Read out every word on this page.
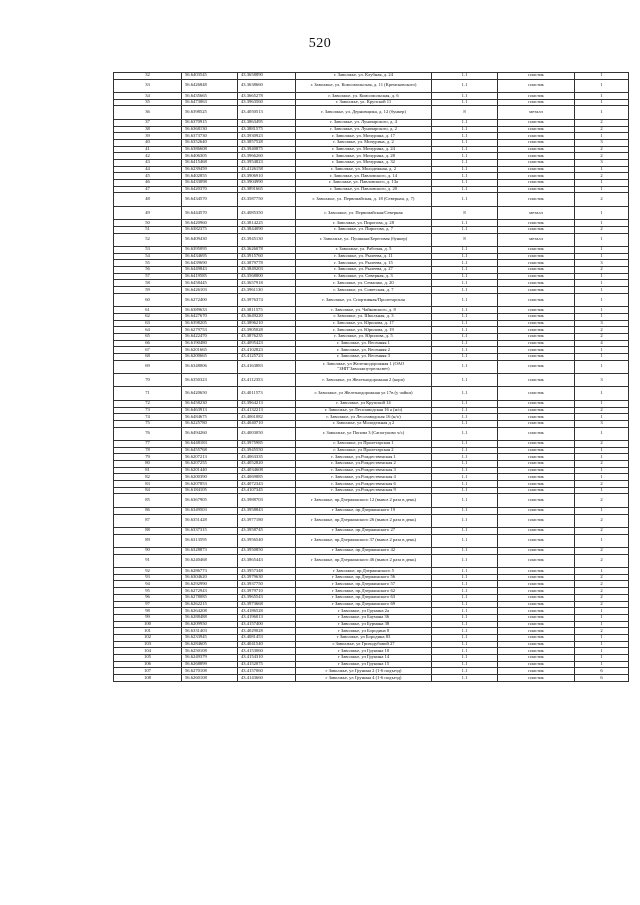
520
32	56.6403545	43.3658890	г. Заволжье, ул. Клубная, д. 24	1.1	пластик	1
33	56.6426848	43.3638660	г. Заволжье, ул. Комсомольская, д. 11 (Кремсковского)	1.1	пластик	1
34	56.6435665	43.3665278	г. Заволжье, ул. Комсомольская, д. 6	1.1	пластик	1
35	56.6473063	43.3963560	г. Заволжье, ул. Крупской 11	1.1	пластик	1
36	56.6398525	43.4050513	г. Заволжье, ул. Дерновщика, д. 12 (бункер)	8	металл	1
37	56.6370915	43.3863495	г. Заволжье, ул. Луначарского, д. 4	1.1	пластик	2
38	56.6368130	43.3881575	г. Заволжье, ул. Луначарского, д. 2	1.1	пластик	2
39	56.6373730	43.3930923	г. Заволжье, ул. Мичурина, д. 17	1.1	пластик	1
40	56.6352640	43.3857528	г. Заволжье, ул. Мичурина, д. 2	1.1	пластик	3
41	56.6386608	43.3940875	г. Заволжье, ул. Мичурина, д. 24	1.1	пластик	2
42	56.6406305	43.3966260	г. Заволжье, ул. Мичурина, д. 28	1.1	пластик	2
43	56.6415468	43.3954823	г. Заволжье, ул. Мичурина, д. 32	1.1	пластик	3
44	56.6239459	43.4126158	г. Заволжье, ул. Молодежная, д. 2	1.1	пластик	1
45	56.6402855	43.3906910	г. Заволжье, ул. Павловского, д. 14	1.1	пластик	2
46	56.6433098	43.3904990	г. Заволжье, ул. Павловского, д. 13а	1.1	пластик	1
47	56.6420370	43.3891665	г. Заволжье, ул. Павловского, д. 20	1.1	пластик	1
48	56.6434570	43.3587750	г. Заволжье, ул. Первомайская, д. 18 (Северная, д. 7)	1.1	пластик	2
49	56.6444570	43.4085350	г. Заволжье, ул. Первомайская/Северная	8	металл	1
50	56.6420960	43.3814225	г. Заволжье, ул. Пирогова, д. 28	1.1	пластик	1
51	56.6382375	43.3844090	г. Заволжье, ул. Пирогова, д. 7	1.1	пластик	2
52	56.6409430	43.3945130	г. Заволжье, ул. Пушкина/Береговая (бункер)	8	металл	1
53	56.6395095	43.3626078	г. Заволжье, ул. Рабочая, д. 5	1.1	пластик	1
54	56.6434695	43.3915760	г. Заволжье, ул. Рылеева, д. 11	1.1	пластик	1
55	56.6439690	43.3879778	г. Заволжье, ул. Рылеева, д. 15	1.1	пластик	3
56	56.6449843	43.3849203	г. Заволжье, ул. Рылеева, д. 27	1.1	пластик	2
57	56.6419585	43.3568800	г. Заволжье, ул. Северная, д. 3	1.1	пластик	1
58	56.6458445	43.3657918	г. Заволжье, ул. Семашко, д. 20	1.1	пластик	1
59	56.6426103	43.3961130	г. Заволжье, ул. Советская, д. 7	1.1	пластик	1
60	56.6272400	43.3976374	г. Заволжье, ул. Спортивная/Пролетарская	1.1	пластик	1
61	56.6389633	43.3811575	г. Заволжье, ул. Чайковского, д. 8	1.1	пластик	1
62	56.6427670	43.3649220	г. Заволжье, ул. Школьная, д. 3	1.1	пластик	1
63	56.6398205	43.3896210	г. Заволжье, ул. Юрилова, д. 17	1.1	пластик	3
64	56.6279753	43.3905028	г. Заволжье, ул. Юрилова, д. 19	1.1	пластик	2
65	56.6422470	43.3876235	г. Заволжье, ул. Юрилова, д. 5	1.1	пластик	2
66	56.6190480	43.4095423	г. Заволжье, ул. Весенняя 1	1.1	пластик	4
67	56.6201665	43.4102823	г. Заволжье, ул. Весенняя 2	1.1	пластик	1
68	56.6200665	43.4125723	г. Заволжье, ул. Весенняя 3	1.1	пластик	1
69	56.6348006	43.4163883	г. Заволжье, ул Железнодорожная 1 (ОАО "ЗНП"Заволжпутрельсвет)	1.1	пластик	1
70	56.6350323	43.4112353	г. Заволжье, ул Железнодорожная 2 (корп)	1.1	пластик	3
71	56.6420650	43.4011573	г. Заволжье, ул Железнодорожная ул 17в (у чайки)	1.1	пластик	1
72	56.6458230	43.3964213	г. Заволжье, ул Крупской 14	1.1	пластик	1
73	56.6463913	43.4132213	г. Заволжье, ул Лесозаводская 16 а (н/о)	1.1	пластик	2
74	56.6484675	43.4061082	г. Заволжье, ул Лесозаводская 16 (н/о)	1.1	пластик	1
75	56.6225780	43.4040710	г. Заволжье, ул Молодежная д 2	1.1	пластик	3
76	56.6494260	43.4003050	г. Заволжье, ул Попова 3 (Сапогуково ч/с)	1.1	пластик	1
77	56.6448183	43.3975985	г. Заволжье, ул Пролетарская 1	1.1	пластик	2
78	56.6455768	43.3945550	г. Заволжье, ул Пролетарская 2	1.1	пластик	1
79	56.6207213	43.4063335	г. Заволжье, ул.Рождественская 1	1.1	пластик	1
80	56.6207255	43.4052820	г. Заволжье, ул.Рождественская 2	1.1	пластик	2
81	56.6201440	43.4034608	г. Заволжье, ул.Рождественская 3	1.1	пластик	1
82	56.6200390	43.4069885	г. Заволжье, ул.Рождественская 4	1.1	пластик	1
83	56.6207853	43.4072343	г. Заволжье, ул.Рождественская 6	1.1	пластик	2
84	56.6184105	43.4107345	г. Заволжье, ул.Рождественская 9	1.1	пластик	1
85	56.6367905	43.3988703	г Заволжье, пр.Дзержинского 12 (вывоз 2 раза в день)	1.1	пластик	2
86	56.6349503	43.3958843	г Заволжье, пр.Дзержинского 19	1.1	пластик	1
87	56.6351428	43.3977180	г Заволжье, пр.Дзержинского 26 (вывоз 2 раза в день)	1.1	пластик	2
88	56.6337315	43.3958745	г Заволжье, пр.Дзержинского 27	1.1	пластик	2
89	56.6313595	43.3956540	г Заволжье, пр.Дзержинского 37 (вывоз 2 раза в день)	1.1	пластик	1
90	56.6328873	43.3950850	г Заволжье, пр.Дзержинского 42	1.1	пластик	2
91	56.6240468	43.3865443	г Заволжье, пр.Дзержинского 46 (вывоз 2 раза в день)	1.1	пластик	2
92	56.6286773	43.3957348	г Заволжье, пр.Дзержинского 5	1.1	пластик	1
93	56.6304620	43.3979630	г Заволжье, пр.Дзержинского 56	1.1	пластик	2
94	56.6292990	43.3937750	г Заволжье, пр.Дзержинского 57	1.1	пластик	2
95	56.6272943	43.3979710	г Заволжье, пр.Дзержинского 62	1.1	пластик	2
96	56.6278085	43.3965543	г Заволжье, пр.Дзержинского 63	1.1	пластик	2
97	56.6262215	43.3973668	г Заволжье, пр.Дзержинского 69	1.1	пластик	2
98	56.6264208	43.4186528	г Заволжье, ул Грунина 2а	1.1	пластик	1
99	56.6288488	43.4196013	г Заволжье, ул Баумана 36	1.1	пластик	1
100	56.6209950	43.4157400	г Заволжье, ул Бурмана 38	1.1	пластик	1
101	56.6331403	43.4029028	г Заволжье, ул Бородина 8	1.1	пластик	2
102	56.6233945	43.4081453	г Заволжье, ул Бородина 83	1.1	пластик	1
103	56.6284605	43.4041540	г Заволжье, ул Гризодубовой 27	1.1	пластик	1
104	56.6250108	43.4153060	г Заволжье, ул Грунина 10	1.1	пластик	1
105	56.6249379	43.4154310	г Заволжье, ул Грунина 14	1.1	пластик	1
106	56.6268899	43.4152075	г Заволжье, ул Грунина 15	1.1	пластик	1
107	56.6270108	43.4157060	г Заволжье, ул Грунина 2 (1-6 подъезд)	1.1	пластик	6
108	56.6260108	43.4143660	г Заволжье, ул Грунина 4 (1-6 подъезд)	1.1	пластик	6
